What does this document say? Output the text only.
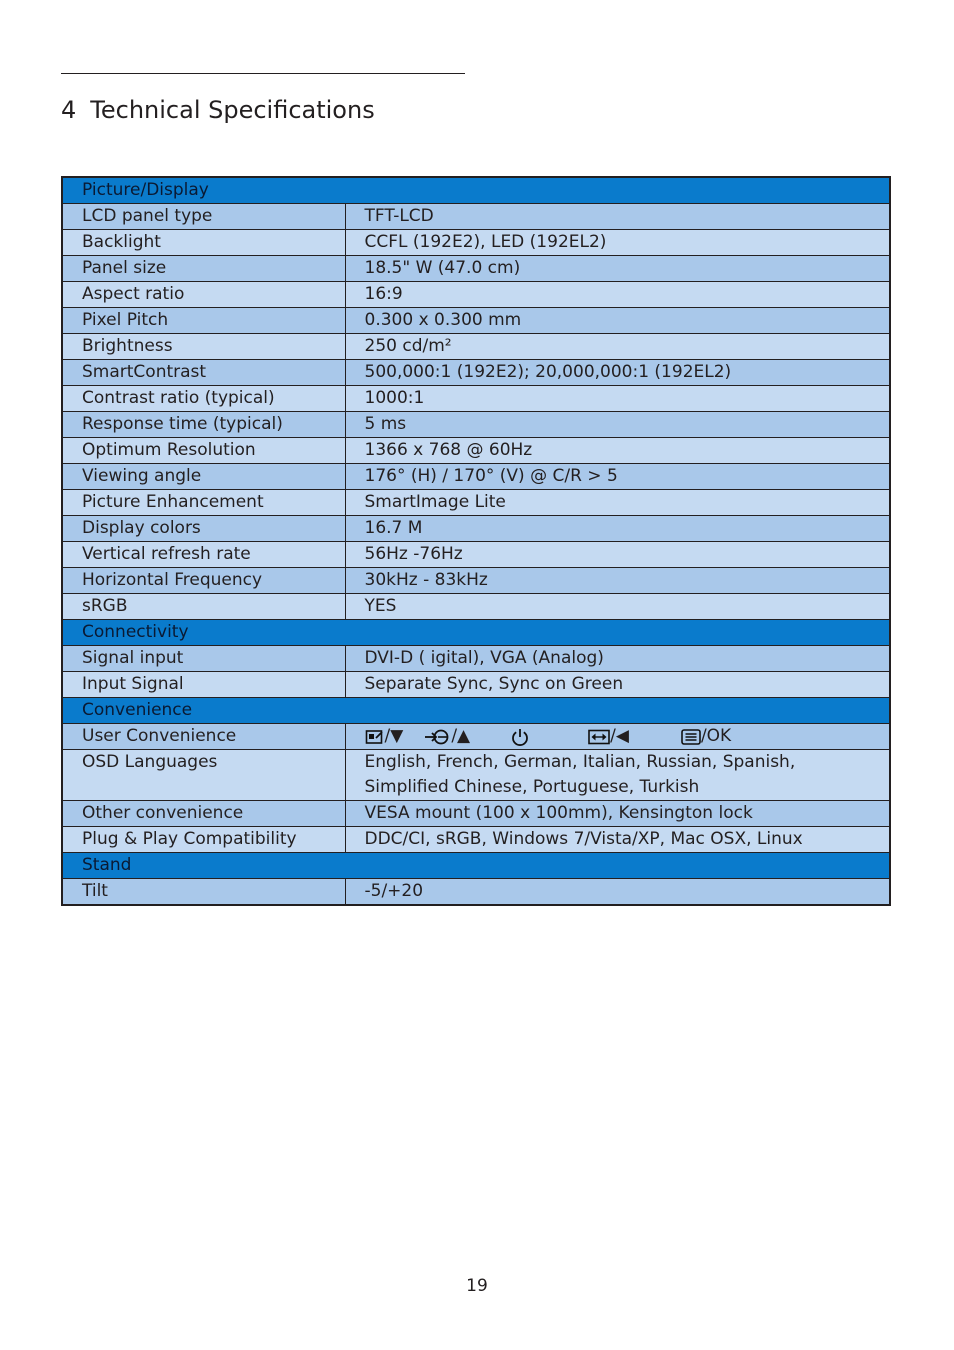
4 Technical Specifications
Picture/Display	
LCD panel type	TFT-LCD
Backlight	CCFL (192E2), LED (192EL2)
Panel size	18.5" W (47.0 cm)
Aspect ratio	16:9
Pixel Pitch	0.300 x 0.300 mm
Brightness	250 cd/m²
SmartContrast	500,000:1 (192E2); 20,000,000:1 (192EL2)
Contrast ratio (typical)	1000:1
Response time (typical)	5 ms
Optimum Resolution	1366 x 768 @ 60Hz
Viewing angle	176° (H) / 170° (V) @ C/R > 5
Picture Enhancement	SmartImage Lite
Display colors	16.7 M
Vertical refresh rate	56Hz -76Hz
Horizontal Frequency	30kHz - 83kHz
sRGB	YES
Connectivity	
Signal input	DVI-D ( igital), VGA (Analog)
Input Signal	Separate Sync, Sync on Green
Convenience	
User Convenience	/▼ /▲ /◀ /OK

OSD Languages	English, French, German, Italian, Russian, Spanish,
Simplified Chinese, Portuguese, Turkish

Other convenience	VESA mount (100 x 100mm), Kensington lock
Plug & Play Compatibility	DDC/CI, sRGB, Windows 7/Vista/XP, Mac OSX, Linux
Stand	
Tilt	-5/+20
19
